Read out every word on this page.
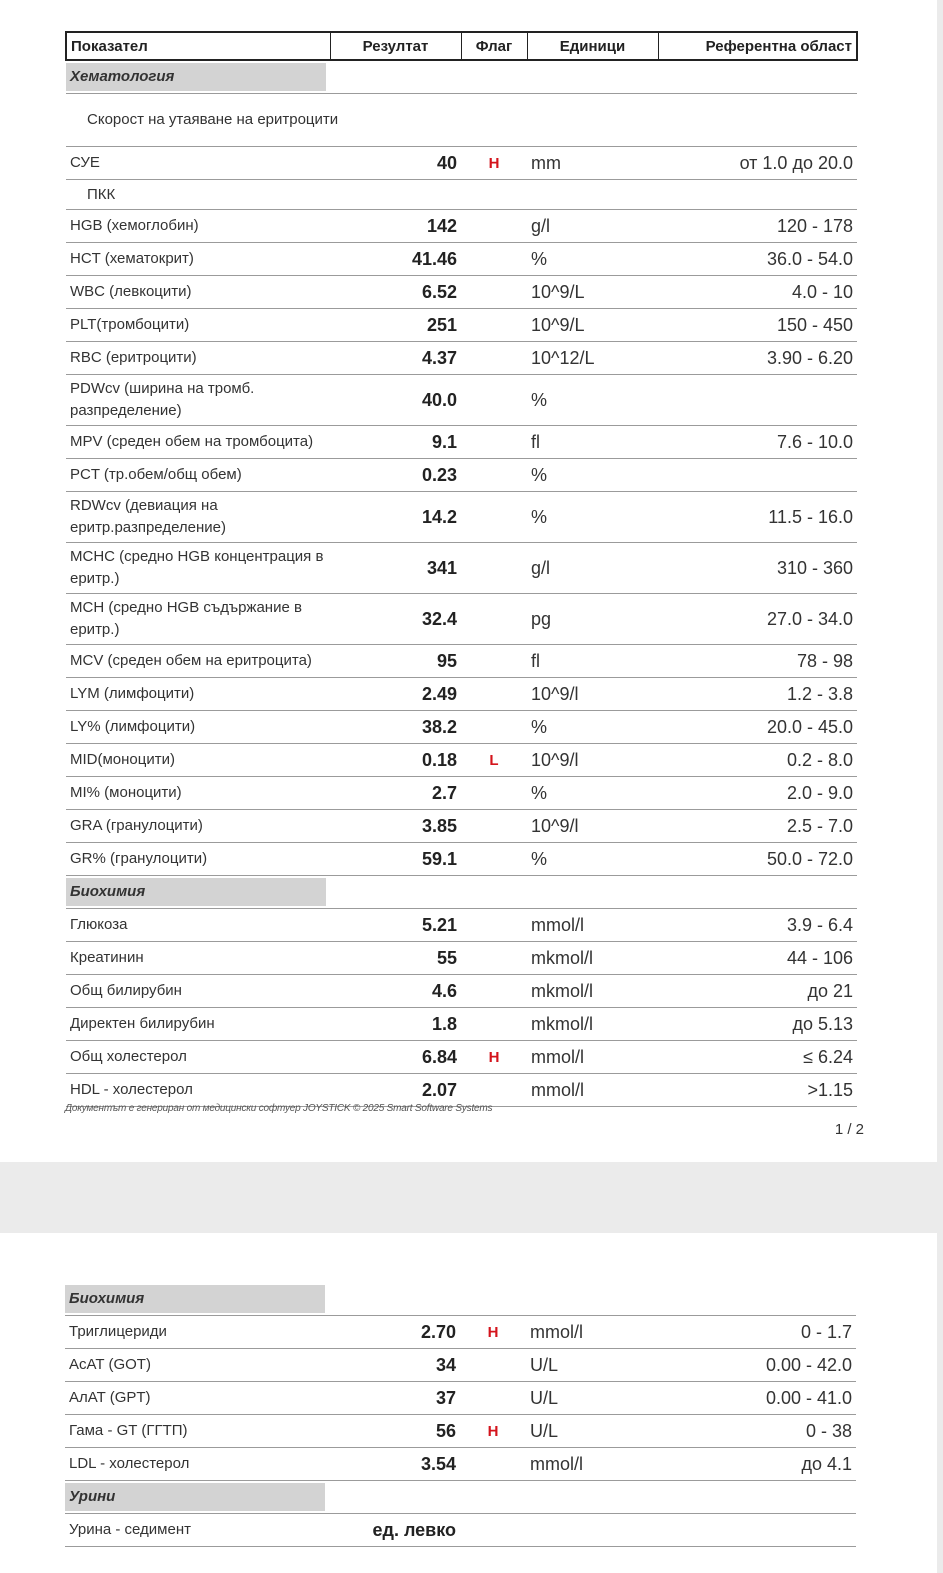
Показател	Резултат	Флаг	Единици	Референтна област

Хематология				

Скорост на утаяване на еритроцити				
СУЕ	40	H	mm	от 1.0 до 20.0
ПКК				
HGB (хемоглобин)	142		g/l	120 - 178
HCT (хематокрит)	41.46		%	36.0 - 54.0
WBC (левкоцити)	6.52		10^9/L	4.0 - 10
PLT(тромбоцити)	251		10^9/L	150 - 450
RBC (еритроцити)	4.37		10^12/L	3.90 - 6.20
PDWcv (ширина на тромб. разпределение)	40.0		%	
MPV (среден обем на тромбоцита)	9.1		fl	7.6 - 10.0
PCT (тр.обем/общ обем)	0.23		%	
RDWcv (девиация на еритр.разпределение)	14.2		%	11.5 - 16.0
MCHC (средно HGB концентрация в еритр.)	341		g/l	310 - 360
MCH (средно HGB съдържание в еритр.)	32.4		pg	27.0 - 34.0
MCV (среден обем на еритроцита)	95		fl	78 - 98
LYM (лимфоцити)	2.49		10^9/l	1.2 - 3.8
LY% (лимфоцити)	38.2		%	20.0 - 45.0
MID(моноцити)	0.18	L	10^9/l	0.2 - 8.0
MI% (моноцити)	2.7		%	2.0 - 9.0
GRA (гранулоцити)	3.85		10^9/l	2.5 - 7.0
GR% (гранулоцити)	59.1		%	50.0 - 72.0

Биохимия				

Глюкоза	5.21		mmol/l	3.9 - 6.4
Креатинин	55		mkmol/l	44 - 106
Общ билирубин	4.6		mkmol/l	до 21
Директен билирубин	1.8		mkmol/l	до 5.13
Общ холестерол	6.84	H	mmol/l	≤ 6.24
HDL - холестерол	2.07		mmol/l	>1.15
Документът е генериран от медицински софтуер JOYSTICK © 2025 Smart Software Systems
1 / 2
Биохимия				

Триглицериди	2.70	H	mmol/l	0 - 1.7
AcAT (GOT)	34		U/L	0.00 - 42.0
AлAT (GPT)	37		U/L	0.00 - 41.0
Гама - GT (ГГТП)	56	H	U/L	0 - 38
LDL - холестерол	3.54		mmol/l	до 4.1

Урини				

Урина - седимент	ед. левко			
